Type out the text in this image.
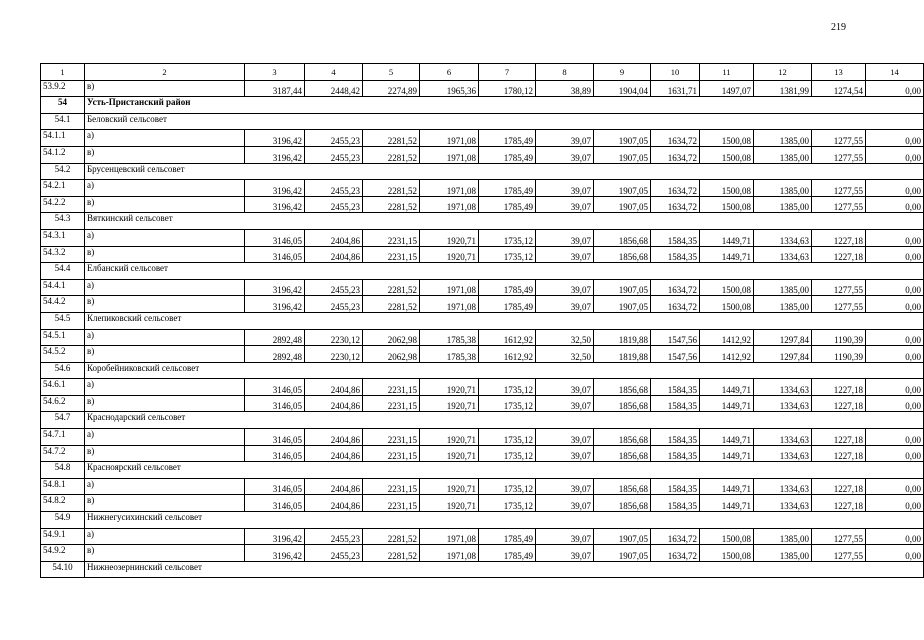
219
1	2	3	4	5	6	7	8	9	10	11	12	13	14
53.9.2	в)	3187,44	2448,42	2274,89	1965,36	1780,12	38,89	1904,04	1631,71	1497,07	1381,99	1274,54	0,00
54	Усть-Пристанский район												
54.1	Беловский сельсовет												
54.1.1	а)	3196,42	2455,23	2281,52	1971,08	1785,49	39,07	1907,05	1634,72	1500,08	1385,00	1277,55	0,00
54.1.2	в)	3196,42	2455,23	2281,52	1971,08	1785,49	39,07	1907,05	1634,72	1500,08	1385,00	1277,55	0,00
54.2	Брусенцевский сельсовет												
54.2.1	а)	3196,42	2455,23	2281,52	1971,08	1785,49	39,07	1907,05	1634,72	1500,08	1385,00	1277,55	0,00
54.2.2	в)	3196,42	2455,23	2281,52	1971,08	1785,49	39,07	1907,05	1634,72	1500,08	1385,00	1277,55	0,00
54.3	Вяткинский сельсовет												
54.3.1	а)	3146,05	2404,86	2231,15	1920,71	1735,12	39,07	1856,68	1584,35	1449,71	1334,63	1227,18	0,00
54.3.2	в)	3146,05	2404,86	2231,15	1920,71	1735,12	39,07	1856,68	1584,35	1449,71	1334,63	1227,18	0,00
54.4	Елбанский сельсовет												
54.4.1	а)	3196,42	2455,23	2281,52	1971,08	1785,49	39,07	1907,05	1634,72	1500,08	1385,00	1277,55	0,00
54.4.2	в)	3196,42	2455,23	2281,52	1971,08	1785,49	39,07	1907,05	1634,72	1500,08	1385,00	1277,55	0,00
54.5	Клепиковский сельсовет												
54.5.1	а)	2892,48	2230,12	2062,98	1785,38	1612,92	32,50	1819,88	1547,56	1412,92	1297,84	1190,39	0,00
54.5.2	в)	2892,48	2230,12	2062,98	1785,38	1612,92	32,50	1819,88	1547,56	1412,92	1297,84	1190,39	0,00
54.6	Коробейниковский сельсовет												
54.6.1	а)	3146,05	2404,86	2231,15	1920,71	1735,12	39,07	1856,68	1584,35	1449,71	1334,63	1227,18	0,00
54.6.2	в)	3146,05	2404,86	2231,15	1920,71	1735,12	39,07	1856,68	1584,35	1449,71	1334,63	1227,18	0,00
54.7	Краснодарский сельсовет												
54.7.1	а)	3146,05	2404,86	2231,15	1920,71	1735,12	39,07	1856,68	1584,35	1449,71	1334,63	1227,18	0,00
54.7.2	в)	3146,05	2404,86	2231,15	1920,71	1735,12	39,07	1856,68	1584,35	1449,71	1334,63	1227,18	0,00
54.8	Красноярский сельсовет												
54.8.1	а)	3146,05	2404,86	2231,15	1920,71	1735,12	39,07	1856,68	1584,35	1449,71	1334,63	1227,18	0,00
54.8.2	в)	3146,05	2404,86	2231,15	1920,71	1735,12	39,07	1856,68	1584,35	1449,71	1334,63	1227,18	0,00
54.9	Нижнегусихинский сельсовет												
54.9.1	а)	3196,42	2455,23	2281,52	1971,08	1785,49	39,07	1907,05	1634,72	1500,08	1385,00	1277,55	0,00
54.9.2	в)	3196,42	2455,23	2281,52	1971,08	1785,49	39,07	1907,05	1634,72	1500,08	1385,00	1277,55	0,00
54.10	Нижнеозернинский сельсовет												
